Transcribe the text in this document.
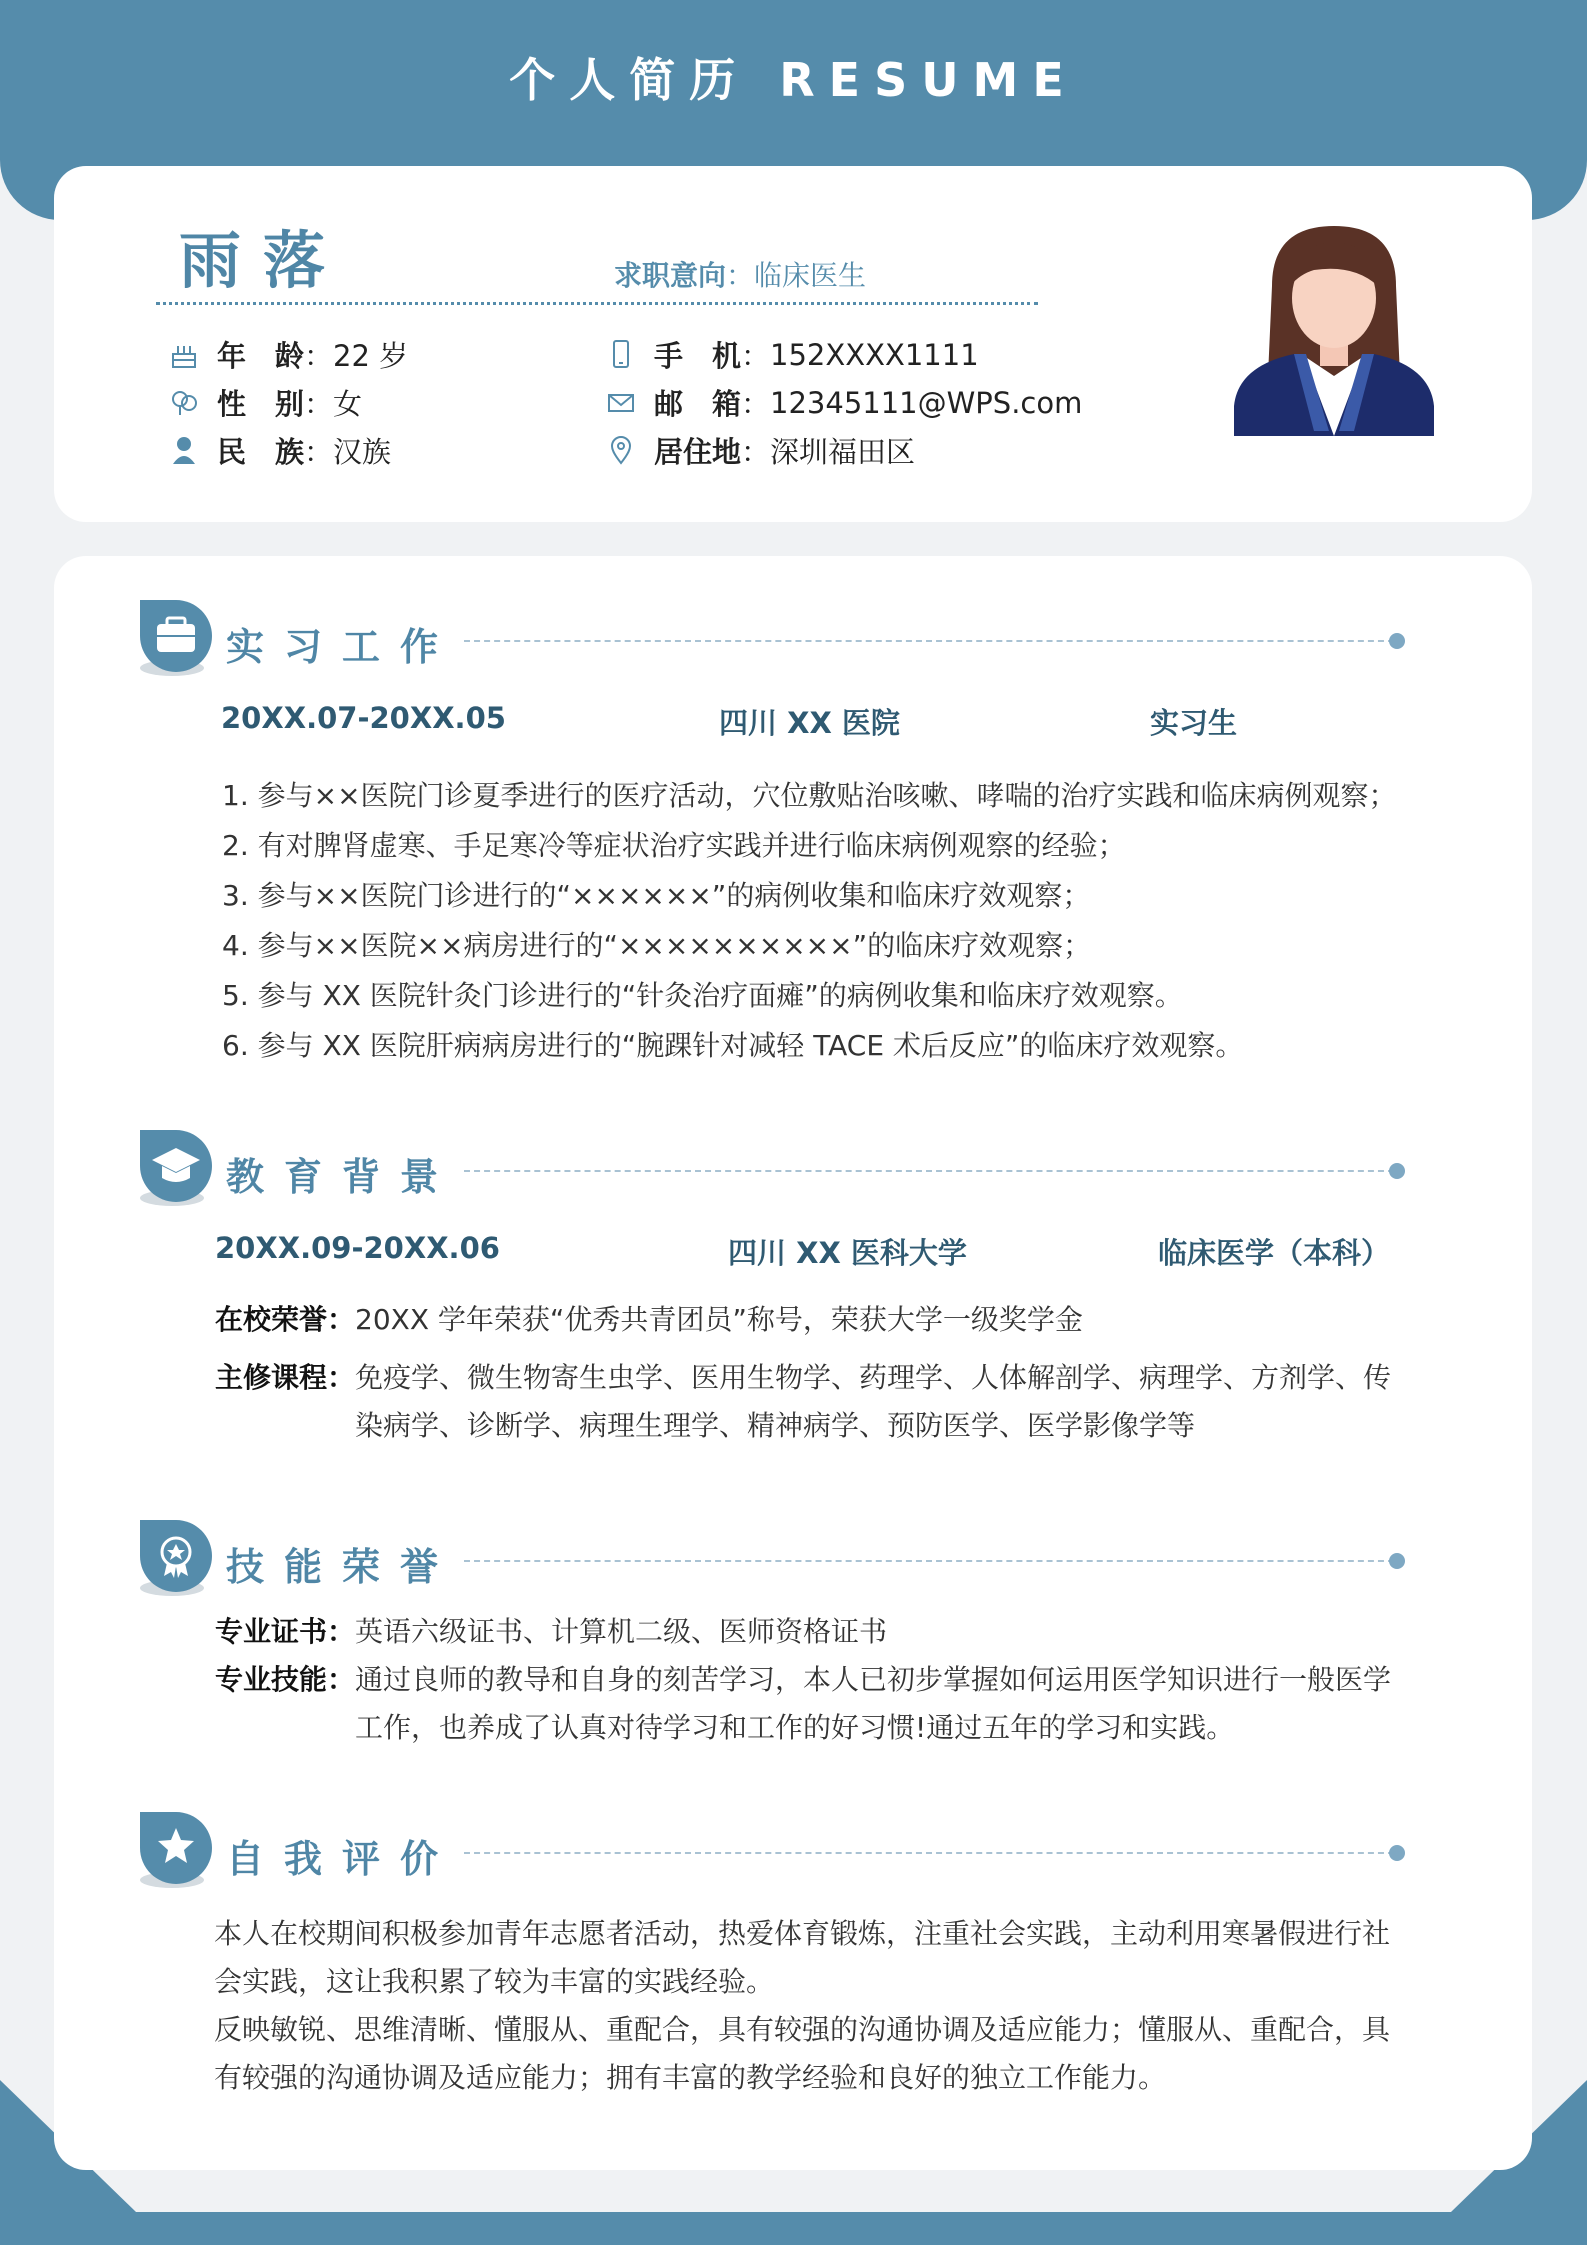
个人简历 RESUME
雨落	求职意向：临床医生
年　龄 ： 22 岁
性　别 ： 女
民　族 ： 汉族
手　机 ： 152XXXX1111
邮　箱 ： 12345111@WPS.com
居住地 ： 深圳福田区
实习工作
20XX.07-20XX.05	四川 XX 医院	实习生
1. 参与××医院门诊夏季进行的医疗活动，穴位敷贴治咳嗽、哮喘的治疗实践和临床病例观察；
2. 有对脾肾虚寒、手足寒冷等症状治疗实践并进行临床病例观察的经验；
3. 参与××医院门诊进行的“××××××”的病例收集和临床疗效观察；
4. 参与××医院××病房进行的“××××××××××”的临床疗效观察；
5. 参与 XX 医院针灸门诊进行的“针灸治疗面瘫”的病例收集和临床疗效观察。
6. 参与 XX 医院肝病病房进行的“腕踝针对减轻 TACE 术后反应”的临床疗效观察。
教育背景
20XX.09-20XX.06	四川 XX 医科大学	临床医学（本科）
在校荣誉： 20XX 学年荣获“优秀共青团员”称号，荣获大学一级奖学金
主修课程： 免疫学、微生物寄生虫学、医用生物学、药理学、人体解剖学、病理学、方剂学、传
染病学、诊断学、病理生理学、精神病学、预防医学、医学影像学等
技能荣誉
专业证书： 英语六级证书、计算机二级、医师资格证书
专业技能： 通过良师的教导和自身的刻苦学习，本人已初步掌握如何运用医学知识进行一般医学
工作，也养成了认真对待学习和工作的好习惯!通过五年的学习和实践。
自我评价
本人在校期间积极参加青年志愿者活动，热爱体育锻炼，注重社会实践，主动利用寒暑假进行社
会实践，这让我积累了较为丰富的实践经验。
反映敏锐、思维清晰、懂服从、重配合，具有较强的沟通协调及适应能力；懂服从、重配合，具
有较强的沟通协调及适应能力；拥有丰富的教学经验和良好的独立工作能力。
